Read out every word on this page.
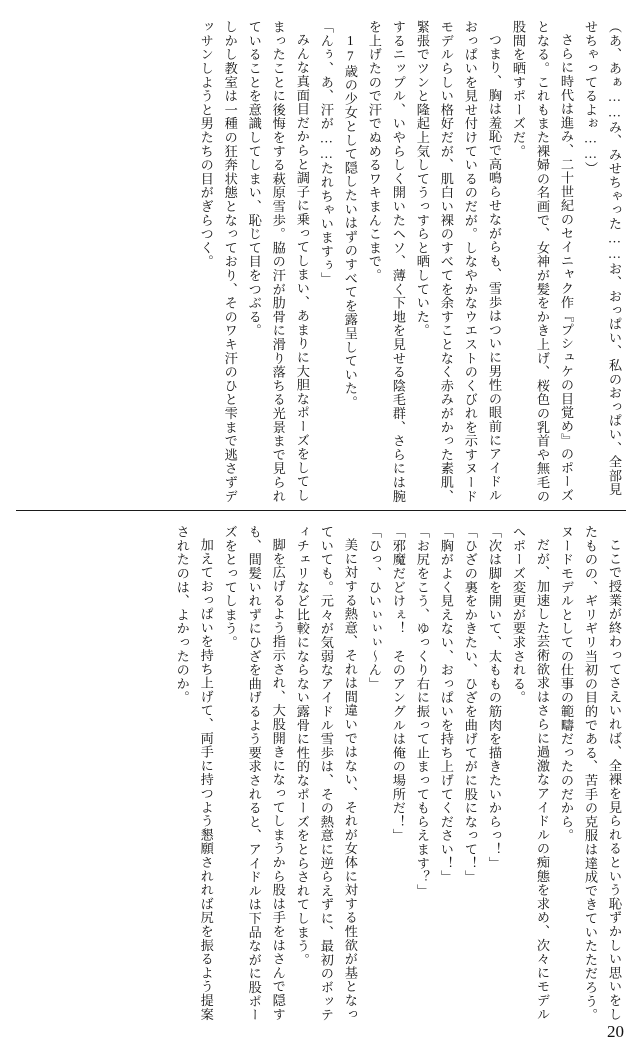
（あ、あぁ……み、みせちゃった……お、おっぱい、私のおっぱい、全部見せちゃってるよぉ……）

さらに時代は進み、二十世紀のセイニャク作『プシュケの目覚め』のポーズとなる。これもまた裸婦の名画で、女神が髪をかき上げ、桜色の乳首や無毛の股間を晒すポーズだ。

つまり、胸は羞恥で高鳴らせながらも、雪歩はついに男性の眼前にアイドルおっぱいを見せ付けているのだが。しなやかなウエストのくびれを示すヌードモデルらしい格好だが、肌白い裸のすべてを余すことなく赤みがかった素肌、緊張でツンと隆起上気してうっすらと晒していた。

するニップル、いやらしく開いたヘソ、薄く下地を見せる陰毛群、さらには腕を上げたので汗でぬめるワキまんこまで。

17歳の少女として隠したいはずのすべてを露呈していた。

「んぅ、あ、汗が……たれちゃいますぅ」

みんな真面目だからと調子に乗ってしまい、あまりに大胆なポーズをしてしまったことに後悔をする萩原雪歩。脇の汗が肋骨に滑り落ちる光景まで見られていることを意識してしまい、恥じて目をつぶる。

しかし教室は一種の狂奔状態となっており、そのワキ汗のひと雫まで逃さずデッサンしようと男たちの目がぎらつく。

ここで授業が終わってさえいれば、全裸を見られるという恥ずかしい思いをしたものの、ギリギリ当初の目的である、苦手の克服は達成できていたただろう。ヌードモデルとしての仕事の範疇だったのだから。

だが、加速した芸術欲求はさらに過激なアイドルの痴態を求め、次々にモデルへポーズ変更が要求される。

「次は脚を開いて、太ももの筋肉を描きたいからっ！」

「ひざの裏をかきたい、ひざを曲げてがに股になって！」

「胸がよく見えない、おっぱいを持ち上げてください！」

「お尻をこう、ゆっくり右に振って止まってもらえます？」

「邪魔だどけぇ！　そのアングルは俺の場所だ！」

「ひっ、ひいぃぃぃ～ん」

美に対する熱意、それは間違いではない、それが女体に対する性欲が基となっていても。元々が気弱なアイドル雪歩は、その熱意に逆らえずに、最初のボッティチェリなど比較にならない露骨に性的なポーズをとらされてしまう。

脚を広げるよう指示され、大股開きになってしまうから股は手をはさんで隠すも、間髪いれずにひざを曲げるよう要求されると、アイドルは下品ながに股ポーズをとってしまう。

加えておっぱいを持ち上げて、両手に持つよう懇願されれば尻を振るよう提案されたのは、よかったのか。

20
